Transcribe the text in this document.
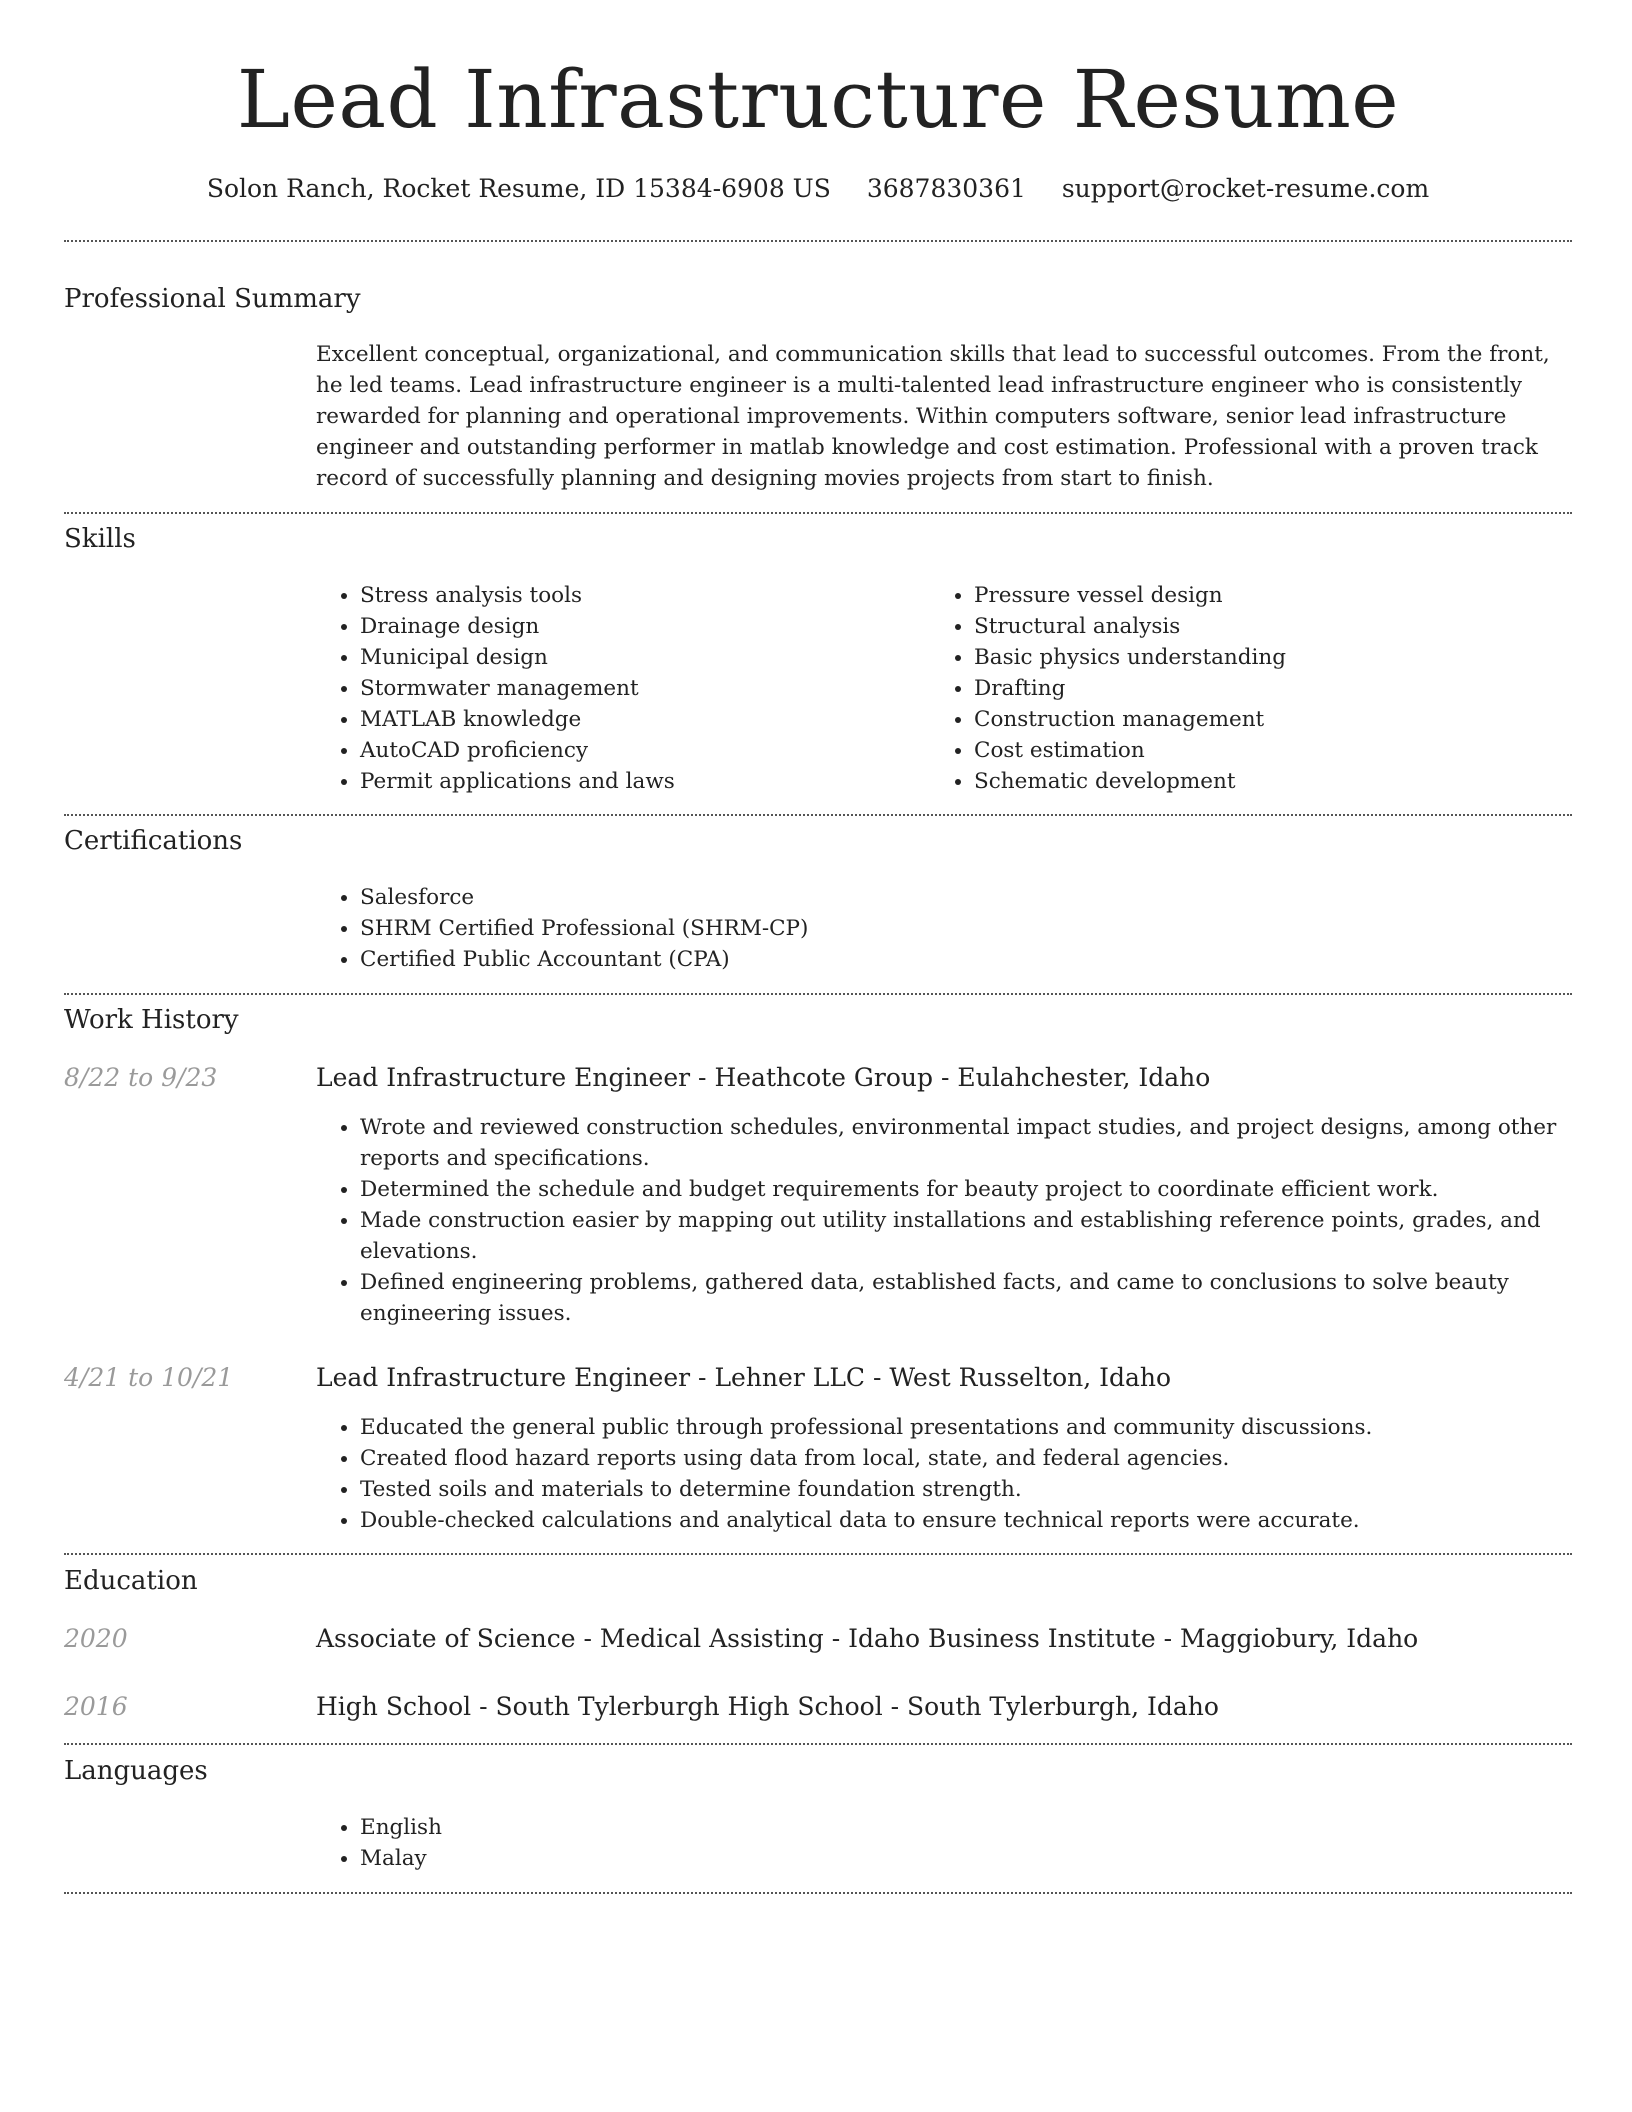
Lead Infrastructure Resume
Solon Ranch, Rocket Resume, ID 15384-6908 US 3687830361 support@rocket-resume.com
Professional Summary

Excellent conceptual, organizational, and communication skills that lead to successful outcomes. From the front, he led teams. Lead infrastructure engineer is a multi-talented lead infrastructure engineer who is consistently rewarded for planning and operational improvements. Within computers software, senior lead infrastructure engineer and outstanding performer in matlab knowledge and cost estimation. Professional with a proven track record of successfully planning and designing movies projects from start to finish.

Skills
• Stress analysis tools
• Drainage design
• Municipal design
• Stormwater management
• MATLAB knowledge
• AutoCAD proficiency
• Permit applications and laws
• Pressure vessel design
• Structural analysis
• Basic physics understanding
• Drafting
• Construction management
• Cost estimation
• Schematic development
Certifications
• Salesforce
• SHRM Certified Professional (SHRM-CP)
• Certified Public Accountant (CPA)
Work History
8/22 to 9/23	Lead Infrastructure Engineer - Heathcote Group - Eulahchester, Idaho
• Wrote and reviewed construction schedules, environmental impact studies, and project designs, among other reports and specifications.
• Determined the schedule and budget requirements for beauty project to coordinate efficient work.
• Made construction easier by mapping out utility installations and establishing reference points, grades, and elevations.
• Defined engineering problems, gathered data, established facts, and came to conclusions to solve beauty engineering issues.
4/21 to 10/21	Lead Infrastructure Engineer - Lehner LLC - West Russelton, Idaho
• Educated the general public through professional presentations and community discussions.
• Created flood hazard reports using data from local, state, and federal agencies.
• Tested soils and materials to determine foundation strength.
• Double-checked calculations and analytical data to ensure technical reports were accurate.
Education
2020	Associate of Science - Medical Assisting - Idaho Business Institute - Maggiobury, Idaho
2016	High School - South Tylerburgh High School - South Tylerburgh, Idaho
Languages
• English
• Malay
